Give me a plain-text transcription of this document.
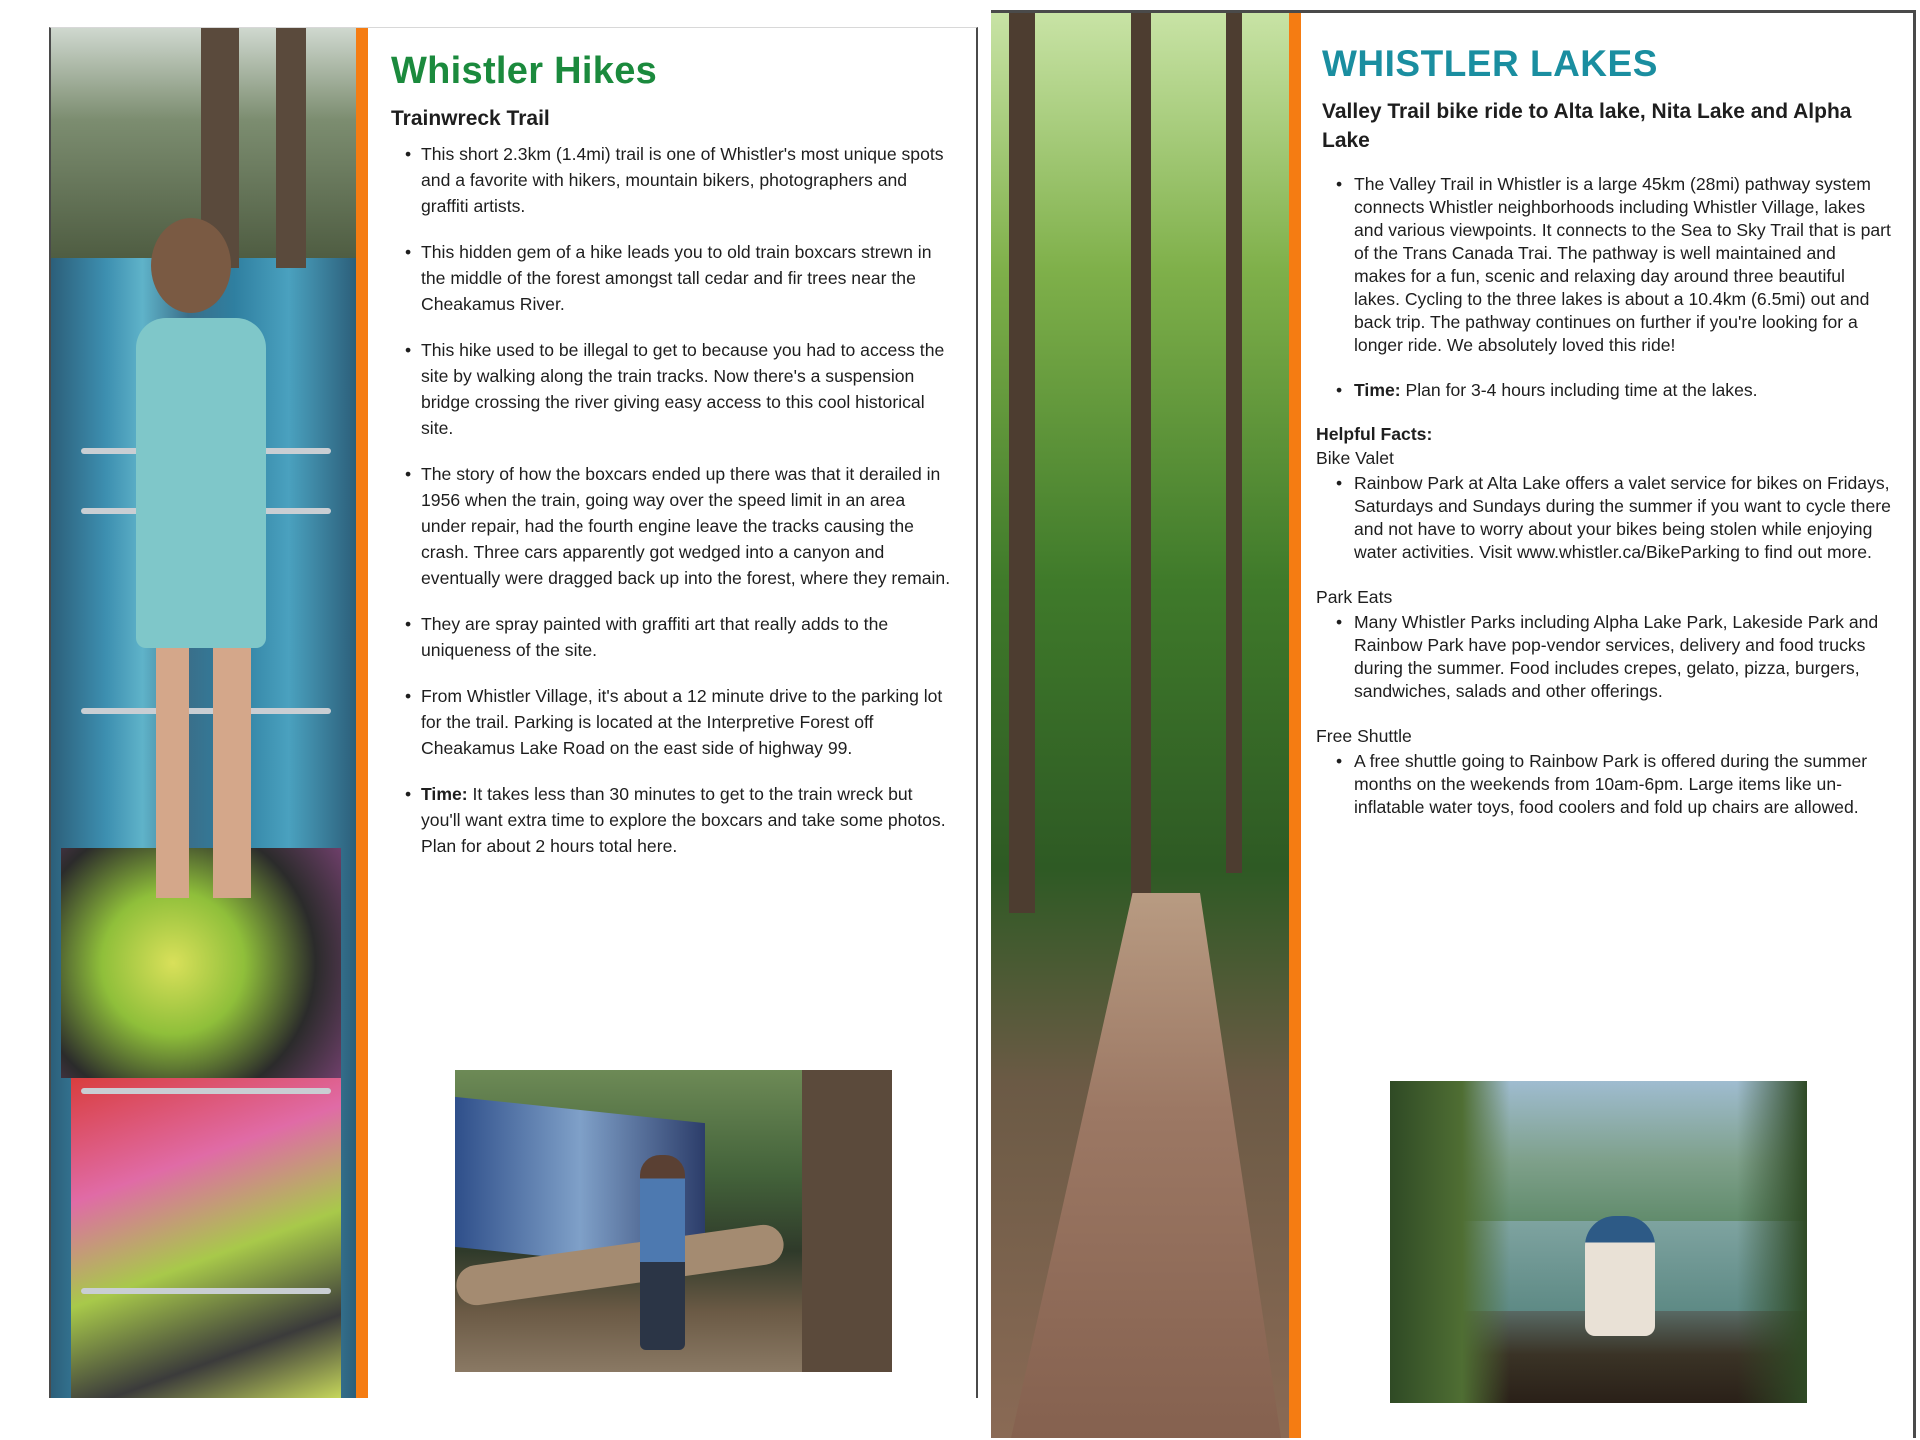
Whistler Hikes
Trainwreck Trail
• This short 2.3km (1.4mi) trail is one of Whistler's most unique spots and a favorite with hikers, mountain bikers, photographers and graffiti artists.
• This hidden gem of a hike leads you to old train boxcars strewn in the middle of the forest amongst tall cedar and fir trees near the Cheakamus River.
• This hike used to be illegal to get to because you had to access the site by walking along the train tracks. Now there's a suspension bridge crossing the river giving easy access to this cool historical site.
• The story of how the boxcars ended up there was that it derailed in 1956 when the train, going way over the speed limit in an area under repair, had the fourth engine leave the tracks causing the crash. Three cars apparently got wedged into a canyon and eventually were dragged back up into the forest, where they remain.
• They are spray painted with graffiti art that really adds to the uniqueness of the site.
• From Whistler Village, it's about a 12 minute drive to the parking lot for the trail. Parking is located at the Interpretive Forest off Cheakamus Lake Road on the east side of highway 99.
• Time: It takes less than 30 minutes to get to the train wreck but you'll want extra time to explore the boxcars and take some photos. Plan for about 2 hours total here.
WHISTLER LAKES
Valley Trail bike ride to Alta lake, Nita Lake and Alpha Lake
• The Valley Trail in Whistler is a large 45km (28mi) pathway system connects Whistler neighborhoods including Whistler Village, lakes and various viewpoints. It connects to the Sea to Sky Trail that is part of the Trans Canada Trai. The pathway is well maintained and makes for a fun, scenic and relaxing day around three beautiful lakes. Cycling to the three lakes is about a 10.4km (6.5mi) out and back trip. The pathway continues on further if you're looking for a longer ride. We absolutely loved this ride!
• Time: Plan for 3-4 hours including time at the lakes.
Helpful Facts:
Bike Valet
• Rainbow Park at Alta Lake offers a valet service for bikes on Fridays, Saturdays and Sundays during the summer if you want to cycle there and not have to worry about your bikes being stolen while enjoying water activities. Visit www.whistler.ca/BikeParking to find out more.
Park Eats
• Many Whistler Parks including Alpha Lake Park, Lakeside Park and Rainbow Park have pop-vendor services, delivery and food trucks during the summer. Food includes crepes, gelato, pizza, burgers, sandwiches, salads and other offerings.
Free Shuttle
• A free shuttle going to Rainbow Park is offered during the summer months on the weekends from 10am-6pm. Large items like un-inflatable water toys, food coolers and fold up chairs are allowed.
